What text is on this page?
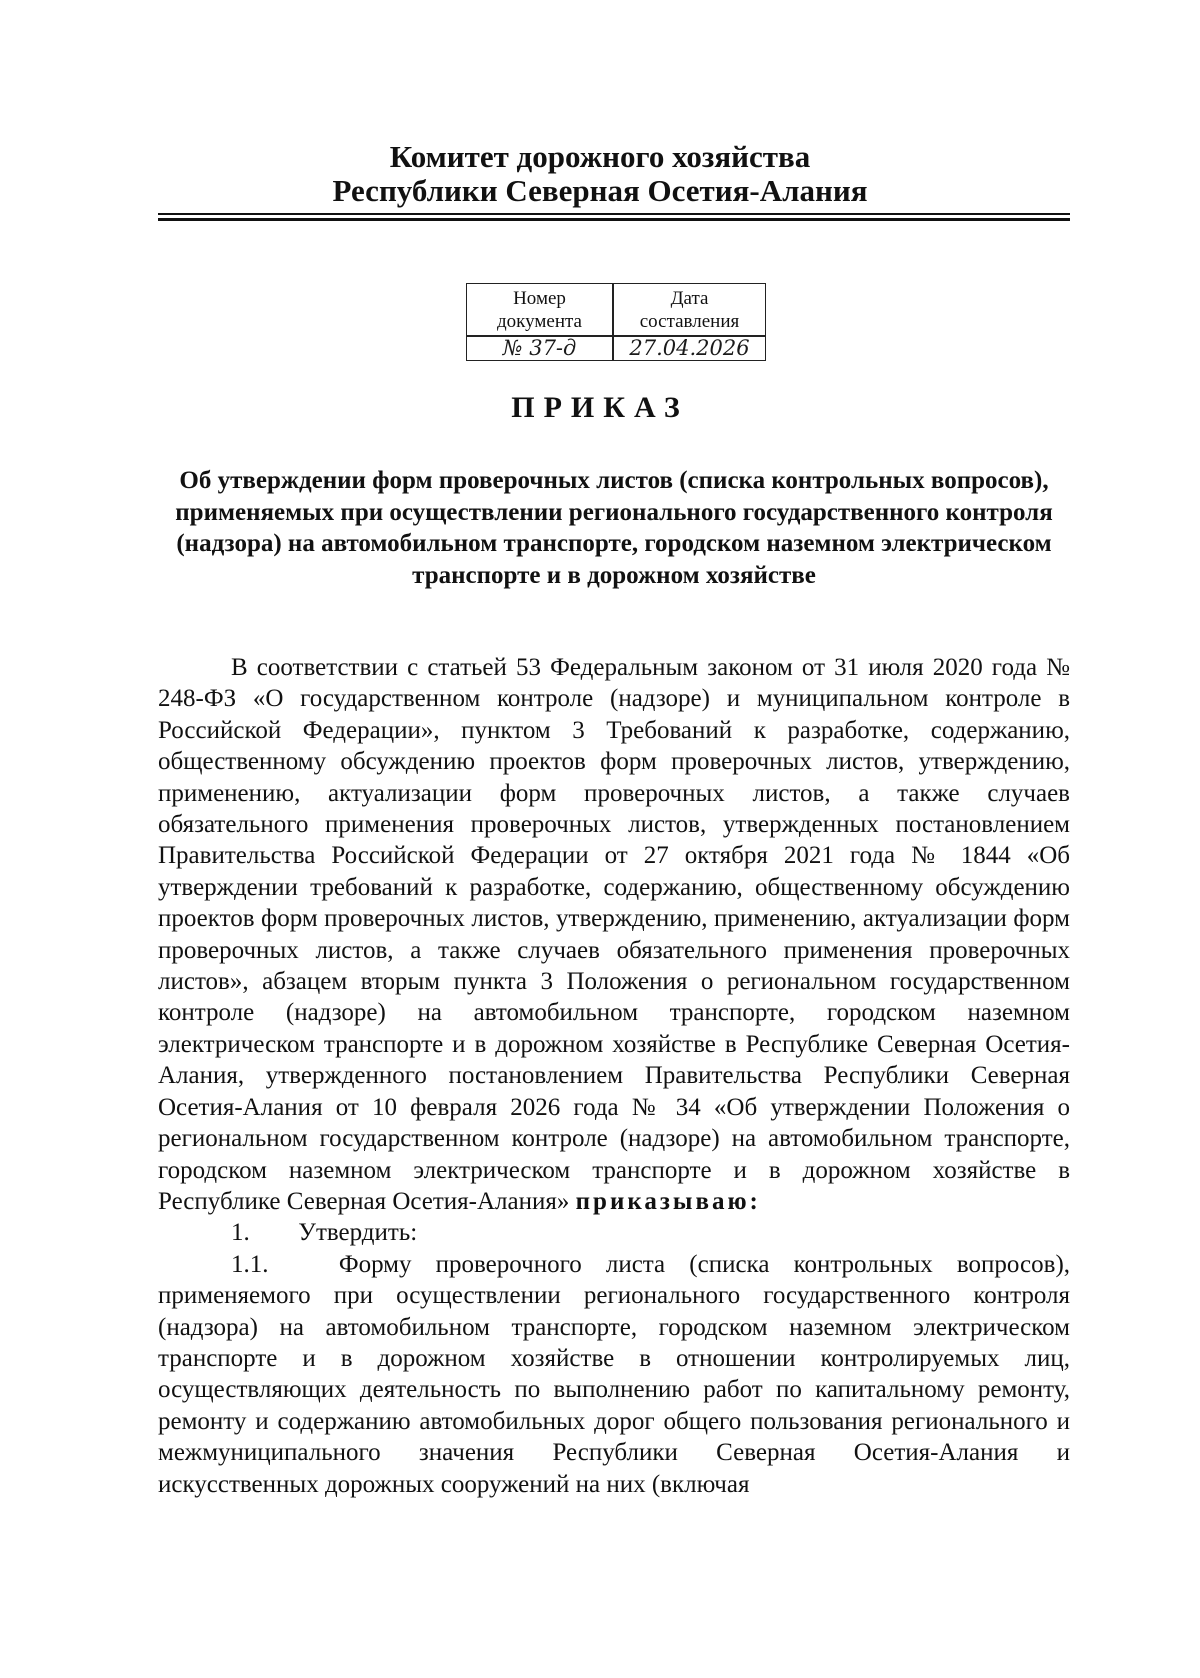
Комитет дорожного хозяйства
Республики Северная Осетия-Алания
Номер
документа
Дата
составления
№ 37-д	27.04.2026
ПРИКАЗ
Об утверждении форм проверочных листов (списка контрольных вопросов), применяемых при осуществлении регионального государственного контроля (надзора) на автомобильном транспорте, городском наземном электрическом транспорте и в дорожном хозяйстве
В соответствии с статьей 53 Федеральным законом от 31 июля 2020 года № 248-ФЗ «О государственном контроле (надзоре) и муниципальном контроле в Российской Федерации», пунктом 3 Требований к разработке, содержанию, общественному обсуждению проектов форм проверочных листов, утверждению, применению, актуализации форм проверочных листов, а также случаев обязательного применения проверочных листов, утвержденных постановлением Правительства Российской Федерации от 27 октября 2021 года № 1844 «Об утверждении требований к разработке, содержанию, общественному обсуждению проектов форм проверочных листов, утверждению, применению, актуализации форм проверочных листов, а также случаев обязательного применения проверочных листов», абзацем вторым пункта 3 Положения о региональном государственном контроле (надзоре) на автомобильном транспорте, городском наземном электрическом транспорте и в дорожном хозяйстве в Республике Северная Осетия-Алания, утвержденного постановлением Правительства Республики Северная Осетия-Алания от 10 февраля 2026 года № 34 «Об утверждении Положения о региональном государственном контроле (надзоре) на автомобильном транспорте, городском наземном электрическом транспорте и в дорожном хозяйстве в Республике Северная Осетия-Алания» приказываю:
1. Утвердить:
1.1.	Форму проверочного листа (списка контрольных вопросов), применяемого при осуществлении регионального государственного контроля (надзора) на автомобильном транспорте, городском наземном электрическом транспорте и в дорожном хозяйстве в отношении контролируемых лиц, осуществляющих деятельность по выполнению работ по капитальному ремонту, ремонту и содержанию автомобильных дорог общего пользования регионального и межмуниципального значения Республики Северная Осетия-Алания и искусственных дорожных сооружений на них (включая
